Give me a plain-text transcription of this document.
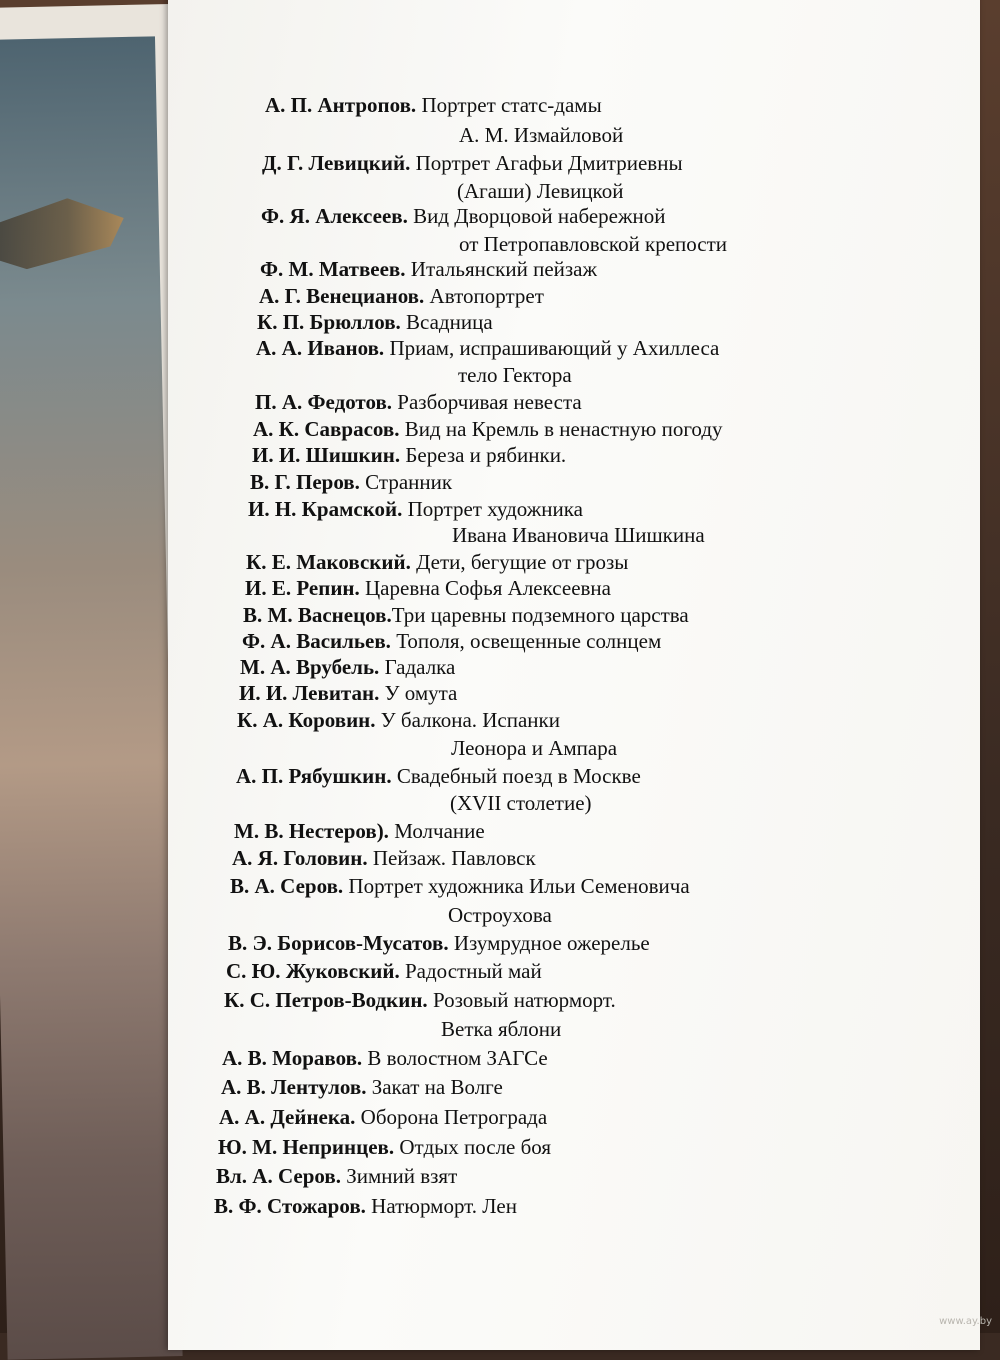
А. П. Антропов. Портрет статс-дамы
А. М. Измайловой
Д. Г. Левицкий. Портрет Агафьи Дмитриевны
(Агаши) Левицкой
Ф. Я. Алексеев. Вид Дворцовой набережной
от Петропавловской крепости
Ф. М. Матвеев. Итальянский пейзаж
А. Г. Венецианов. Автопортрет
К. П. Брюллов. Всадница
А. А. Иванов. Приам, испрашивающий у Ахиллеса
тело Гектора
П. А. Федотов. Разборчивая невеста
А. К. Саврасов. Вид на Кремль в ненастную погоду
И. И. Шишкин. Береза и рябинки.
В. Г. Перов. Странник
И. Н. Крамской. Портрет художника
Ивана Ивановича Шишкина
К. Е. Маковский. Дети, бегущие от грозы
И. Е. Репин. Царевна Софья Алексеевна
В. М. Васнецов.Три царевны подземного царства
Ф. А. Васильев. Тополя, освещенные солнцем
М. А. Врубель. Гадалка
И. И. Левитан. У омута
К. А. Коровин. У балкона. Испанки
Леонора и Ампара
А. П. Рябушкин. Свадебный поезд в Москве
(XVII столетие)
М. В. Нестеров). Молчание
А. Я. Головин. Пейзаж. Павловск
В. А. Серов. Портрет художника Ильи Семеновича
Остроухова
В. Э. Борисов-Мусатов. Изумрудное ожерелье
С. Ю. Жуковский. Радостный май
К. С. Петров-Водкин. Розовый натюрморт.
Ветка яблони
А. В. Моравов. В волостном ЗАГСе
А. В. Лентулов. Закат на Волге
А. А. Дейнека. Оборона Петрограда
Ю. М. Непринцев. Отдых после боя
Вл. А. Серов. Зимний взят
В. Ф. Стожаров. Натюрморт. Лен
www.ay.by
